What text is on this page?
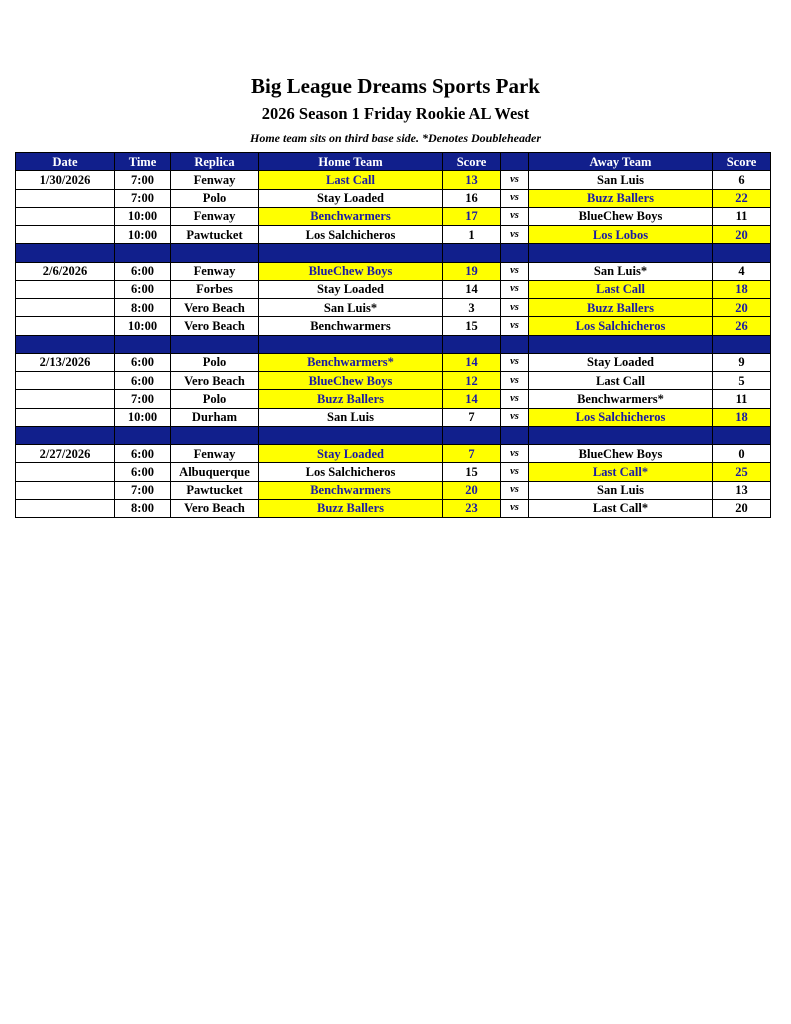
Big League Dreams Sports Park
2026 Season 1 Friday Rookie AL West
Home team sits on third base side. *Denotes Doubleheader
Date	Time	Replica	Home Team	Score		Away Team	Score
1/30/2026	7:00	Fenway	Last Call	13	vs	San Luis	6
	7:00	Polo	Stay Loaded	16	vs	Buzz Ballers	22
	10:00	Fenway	Benchwarmers	17	vs	BlueChew Boys	11
	10:00	Pawtucket	Los Salchicheros	1	vs	Los Lobos	20

2/6/2026	6:00	Fenway	BlueChew Boys	19	vs	San Luis*	4
	6:00	Forbes	Stay Loaded	14	vs	Last Call	18
	8:00	Vero Beach	San Luis*	3	vs	Buzz Ballers	20
	10:00	Vero Beach	Benchwarmers	15	vs	Los Salchicheros	26

2/13/2026	6:00	Polo	Benchwarmers*	14	vs	Stay Loaded	9
	6:00	Vero Beach	BlueChew Boys	12	vs	Last Call	5
	7:00	Polo	Buzz Ballers	14	vs	Benchwarmers*	11
	10:00	Durham	San Luis	7	vs	Los Salchicheros	18

2/27/2026	6:00	Fenway	Stay Loaded	7	vs	BlueChew Boys	0
	6:00	Albuquerque	Los Salchicheros	15	vs	Last Call*	25
	7:00	Pawtucket	Benchwarmers	20	vs	San Luis	13
	8:00	Vero Beach	Buzz Ballers	23	vs	Last Call*	20
